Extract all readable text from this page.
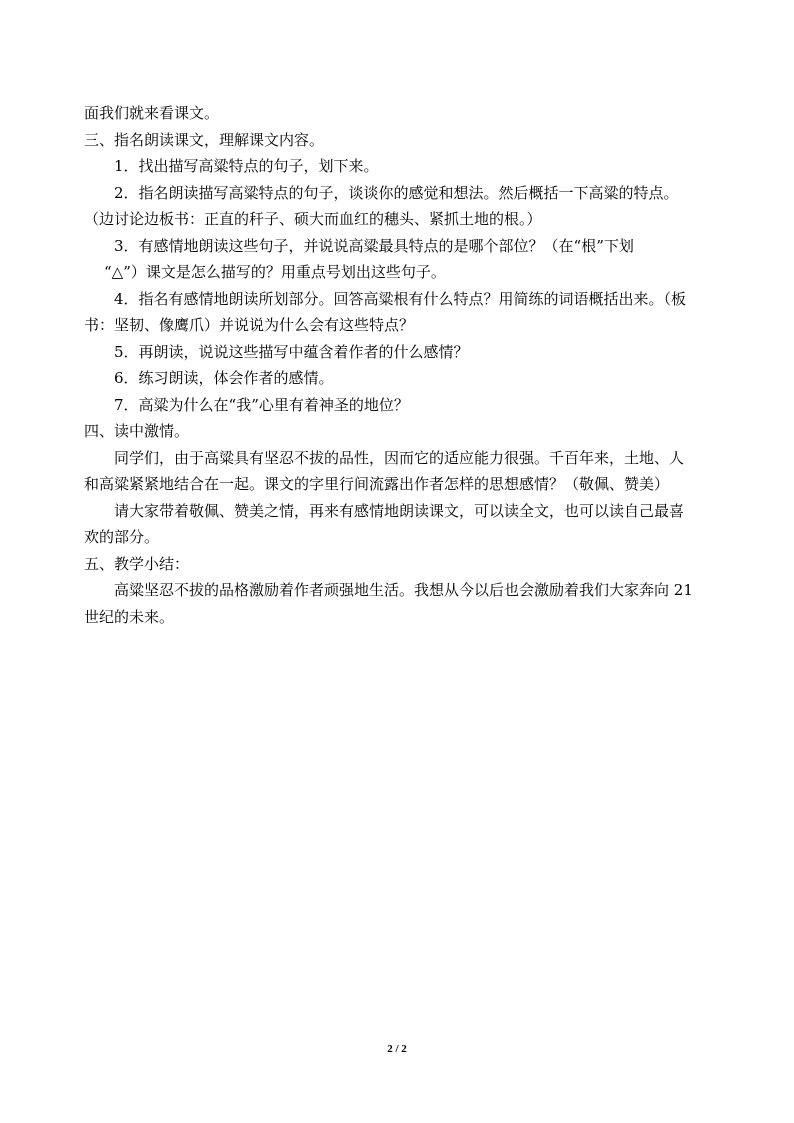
面我们就来看课文。
三、指名朗读课文，理解课文内容。
1．找出描写高粱特点的句子，划下来。
2．指名朗读描写高粱特点的句子，谈谈你的感觉和想法。然后概括一下高粱的特点。
（边讨论边板书：正直的秆子、硕大而血红的穗头、紧抓土地的根。）
3．有感情地朗读这些句子，并说说高粱最具特点的是哪个部位？（在“根”下划
“△”）课文是怎么描写的？用重点号划出这些句子。
4．指名有感情地朗读所划部分。回答高粱根有什么特点？用简练的词语概括出来。（板
书：坚韧、像鹰爪）并说说为什么会有这些特点？
5．再朗读，说说这些描写中蕴含着作者的什么感情？
6．练习朗读，体会作者的感情。
7．高粱为什么在“我”心里有着神圣的地位？
四、读中激情。
同学们，由于高粱具有坚忍不拔的品性，因而它的适应能力很强。千百年来，土地、人
和高粱紧紧地结合在一起。课文的字里行间流露出作者怎样的思想感情？（敬佩、赞美）
请大家带着敬佩、赞美之情，再来有感情地朗读课文，可以读全文，也可以读自己最喜
欢的部分。
五、教学小结：
高粱坚忍不拔的品格激励着作者顽强地生活。我想从今以后也会激励着我们大家奔向 21
世纪的未来。
2 / 2
